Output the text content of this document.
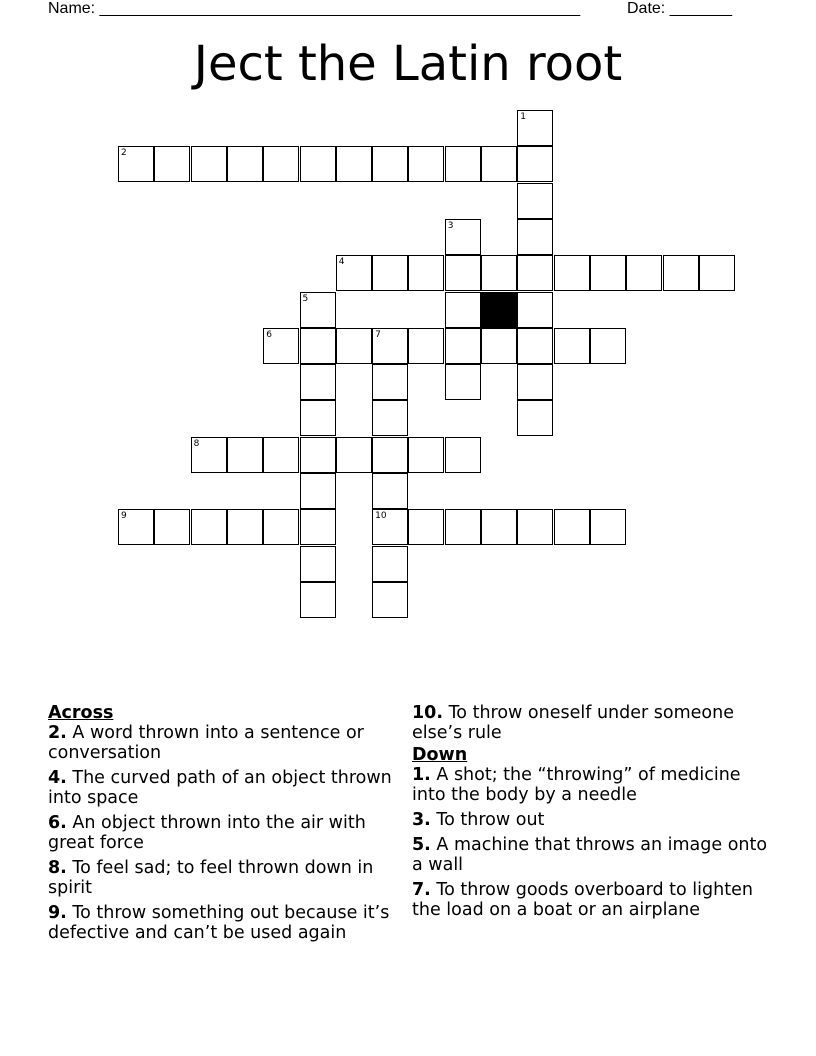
Name: ______________________________________________________	Date: _______
Ject the Latin root
1
2
3
4
5
6	7
10
8
9
Across
2. A word thrown into a sentence or conversation
4. The curved path of an object thrown into space
6. An object thrown into the air with great force
8. To feel sad; to feel thrown down in spirit
9. To throw something out because it’s defective and can’t be used again
10. To throw oneself under someone else’s rule
Down
1. A shot; the “throwing” of medicine into the body by a needle
3. To throw out
5. A machine that throws an image onto a wall
7. To throw goods overboard to lighten the load on a boat or an airplane
